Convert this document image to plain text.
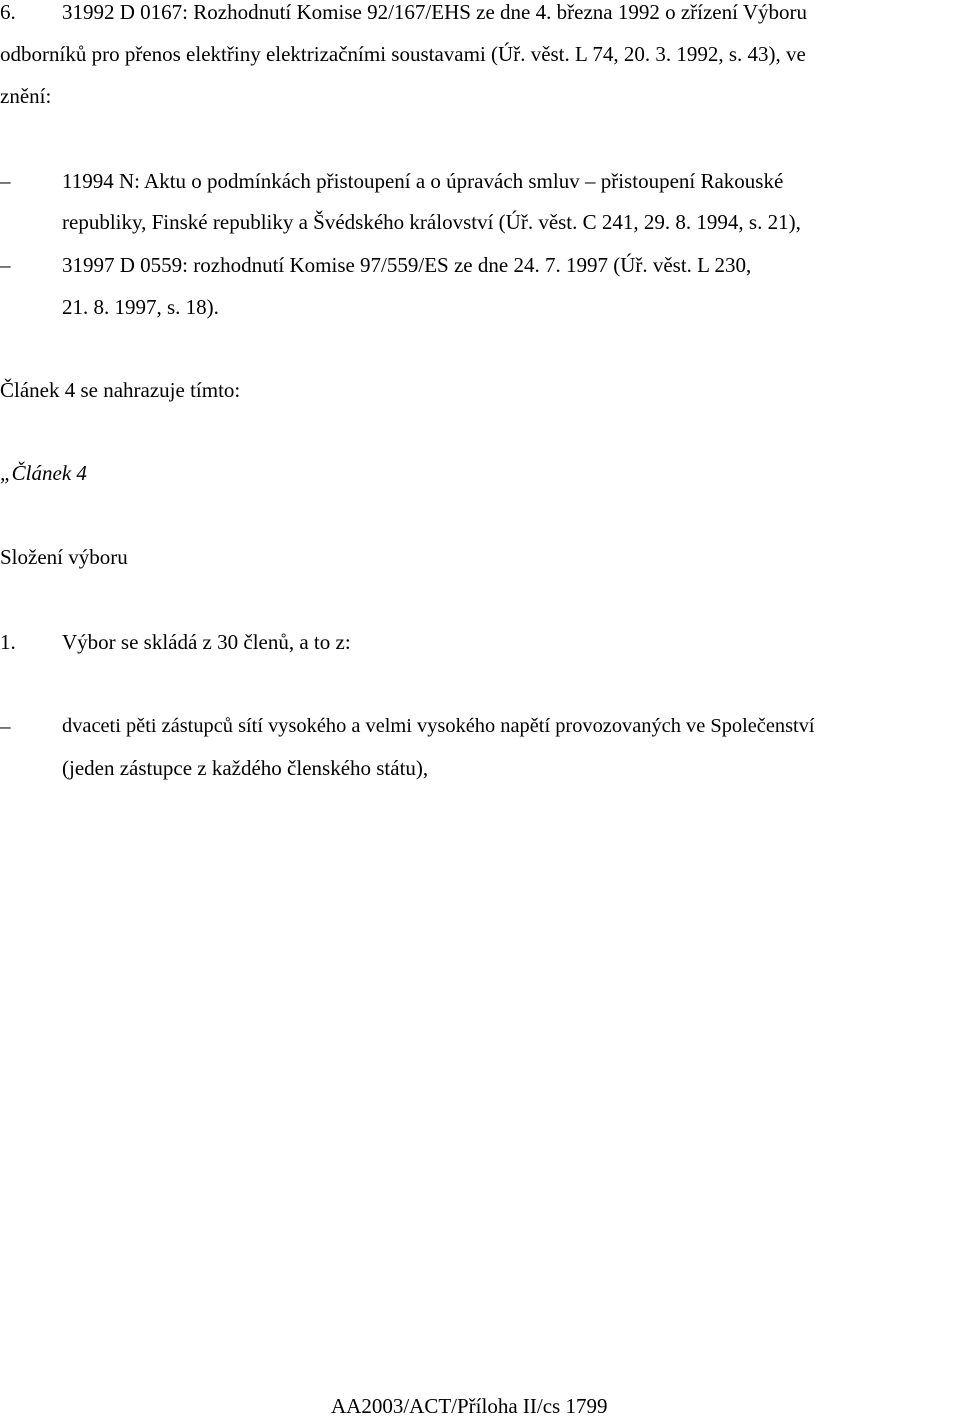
6. 31992 D 0167: Rozhodnutí Komise 92/167/EHS ze dne 4. března 1992 o zřízení Výboru
odborníků pro přenos elektřiny elektrizačními soustavami (Úř. věst. L 74, 20. 3. 1992, s. 43), ve
znění:
– 11994 N: Aktu o podmínkách přistoupení a o úpravách smluv – přistoupení Rakouské
republiky, Finské republiky a Švédského království (Úř. věst. C 241, 29. 8. 1994, s. 21),
– 31997 D 0559: rozhodnutí Komise 97/559/ES ze dne 24. 7. 1997 (Úř. věst. L 230,
21. 8. 1997, s. 18).
Článek 4 se nahrazuje tímto:
„Článek 4
Složení výboru
1. Výbor se skládá z 30 členů, a to z:
–	dvaceti pěti zástupců sítí vysokého a velmi vysokého napětí provozovaných ve Společenství
(jeden zástupce z každého členského státu),
AA2003/ACT/Příloha II/cs 1799
